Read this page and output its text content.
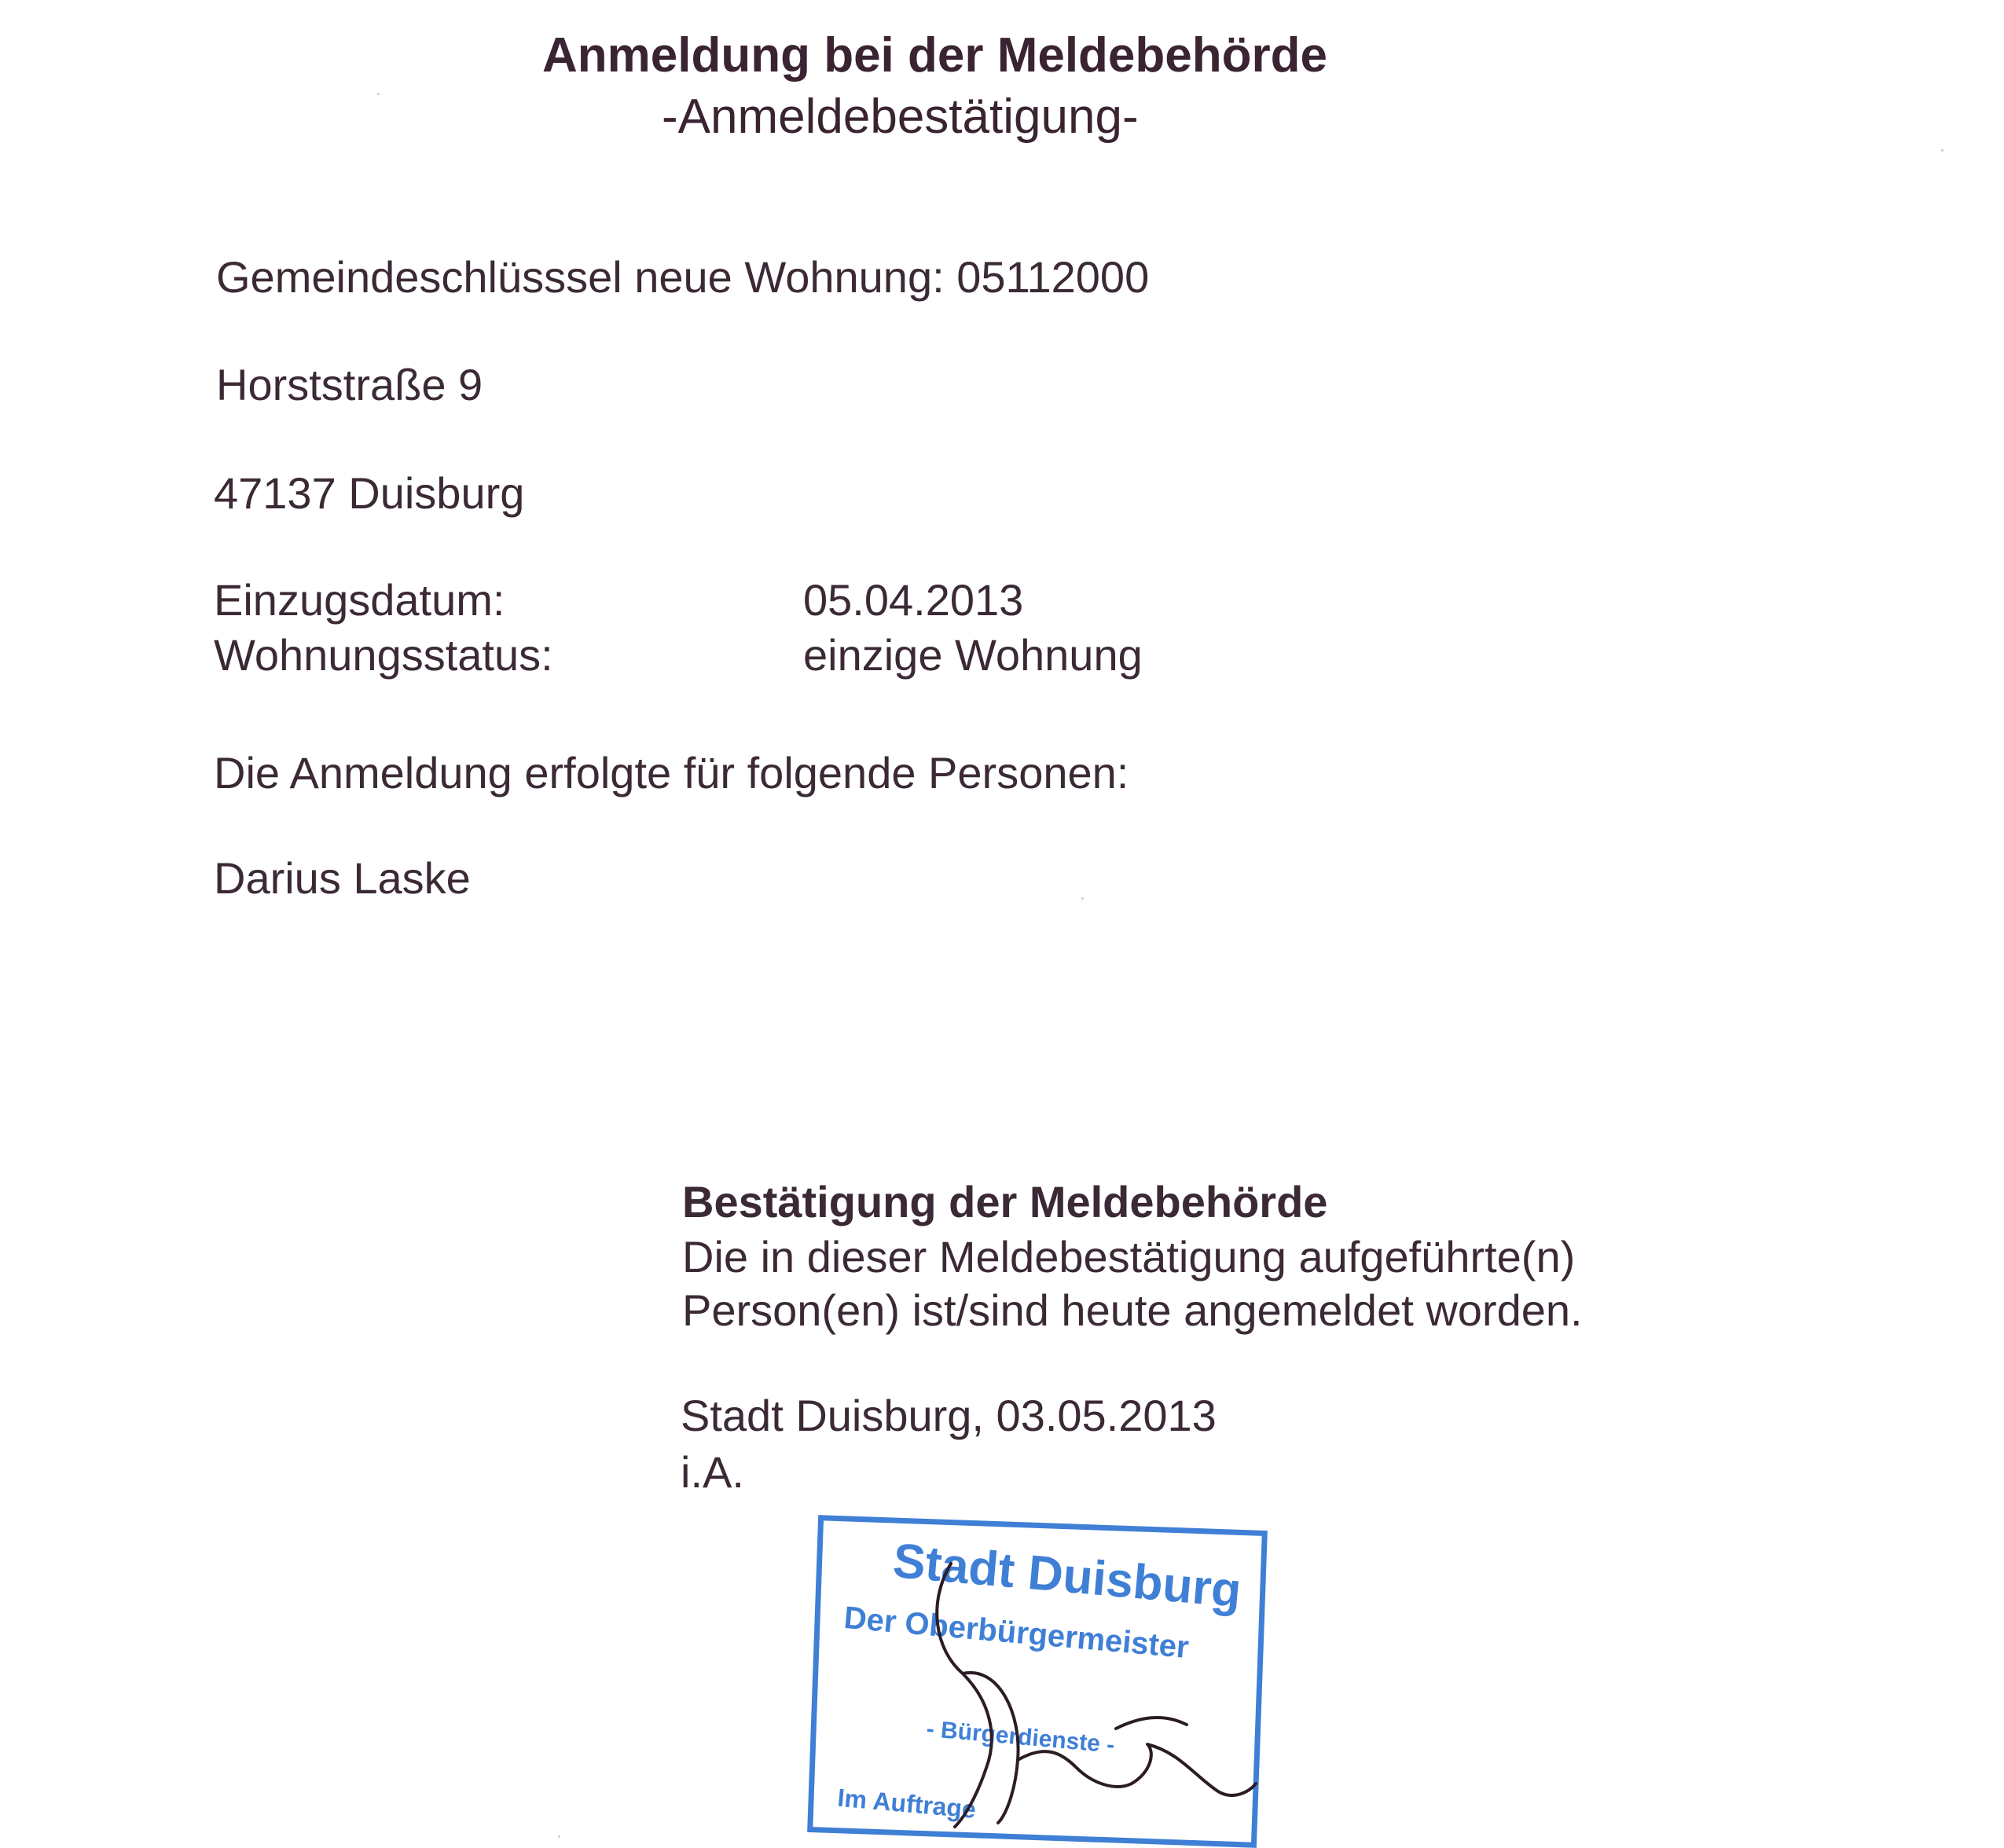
Anmeldung bei der Meldebehörde
-Anmeldebestätigung-
Gemeindeschlüsssel neue Wohnung: 05112000
Horststraße 9
47137 Duisburg
Einzugsdatum:	05.04.2013
Wohnungsstatus:	einzige Wohnung
Die Anmeldung erfolgte für folgende Personen:
Darius Laske
Bestätigung der Meldebehörde
Die in dieser Meldebestätigung aufgeführte(n)
Person(en) ist/sind heute angemeldet worden.
Stadt Duisburg, 03.05.2013
i.A.
Stadt Duisburg
Der Oberbürgermeister
- Bürgerdienste -
Im Auftrage
